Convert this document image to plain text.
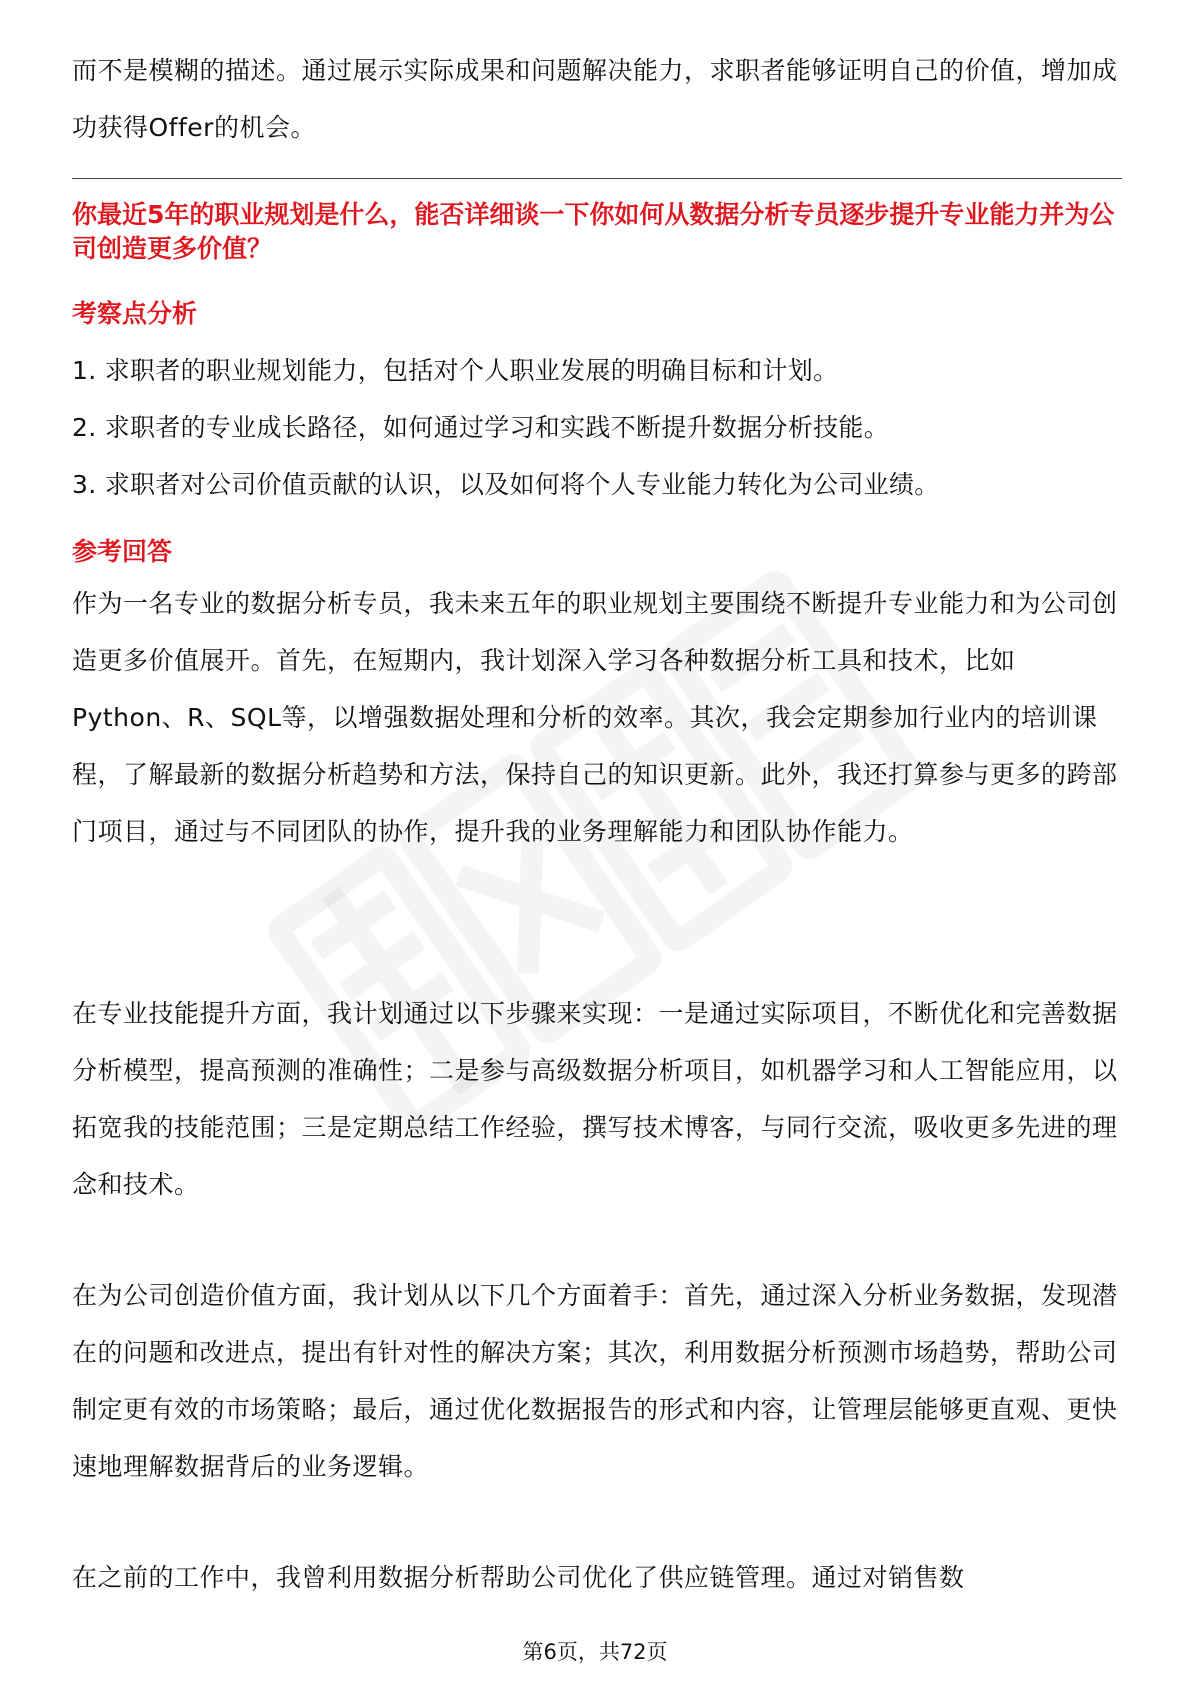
而不是模糊的描述。通过展示实际成果和问题解决能力，求职者能够证明自己的价值，增加成功获得Offer的机会。

你最近5年的职业规划是什么，能否详细谈一下你如何从数据分析专员逐步提升专业能力并为公司创造更多价值？
考察点分析
1. 求职者的职业规划能力，包括对个人职业发展的明确目标和计划。
2. 求职者的专业成长路径，如何通过学习和实践不断提升数据分析技能。
3. 求职者对公司价值贡献的认识，以及如何将个人专业能力转化为公司业绩。
参考回答

作为一名专业的数据分析专员，我未来五年的职业规划主要围绕不断提升专业能力和为公司创造更多价值展开。首先，在短期内，我计划深入学习各种数据分析工具和技术，比如Python、R、SQL等，以增强数据处理和分析的效率。其次，我会定期参加行业内的培训课程，了解最新的数据分析趋势和方法，保持自己的知识更新。此外，我还打算参与更多的跨部门项目，通过与不同团队的协作，提升我的业务理解能力和团队协作能力。

在专业技能提升方面，我计划通过以下步骤来实现：一是通过实际项目，不断优化和完善数据分析模型，提高预测的准确性；二是参与高级数据分析项目，如机器学习和人工智能应用，以拓宽我的技能范围；三是定期总结工作经验，撰写技术博客，与同行交流，吸收更多先进的理念和技术。

在为公司创造价值方面，我计划从以下几个方面着手：首先，通过深入分析业务数据，发现潜在的问题和改进点，提出有针对性的解决方案；其次，利用数据分析预测市场趋势，帮助公司制定更有效的市场策略；最后，通过优化数据报告的形式和内容，让管理层能够更直观、更快速地理解数据背后的业务逻辑。

在之前的工作中，我曾利用数据分析帮助公司优化了供应链管理。通过对销售数

第6页，共72页
